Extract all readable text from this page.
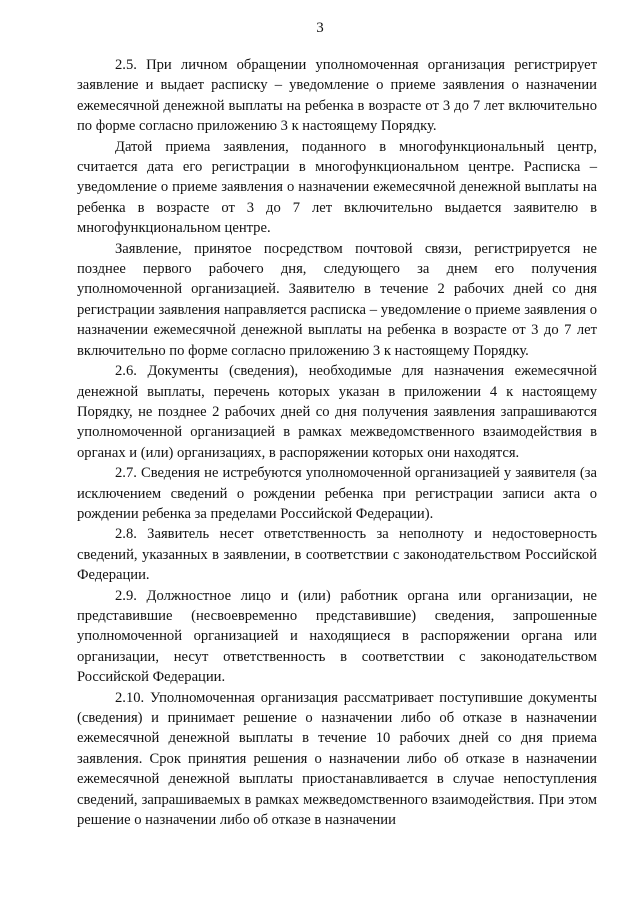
3

2.5. При личном обращении уполномоченная организация регистрирует заявление и выдает расписку – уведомление о приеме заявления о назначении ежемесячной денежной выплаты на ребенка в возрасте от 3 до 7 лет включительно по форме согласно приложению 3 к настоящему Порядку.

Датой приема заявления, поданного в многофункциональный центр, считается дата его регистрации в многофункциональном центре. Расписка – уведомление о приеме заявления о назначении ежемесячной денежной выплаты на ребенка в возрасте от 3 до 7 лет включительно выдается заявителю в многофункциональном центре.

Заявление, принятое посредством почтовой связи, регистрируется не позднее первого рабочего дня, следующего за днем его получения уполномоченной организацией. Заявителю в течение 2 рабочих дней со дня регистрации заявления направляется расписка – уведомление о приеме заявления о назначении ежемесячной денежной выплаты на ребенка в возрасте от 3 до 7 лет включительно по форме согласно приложению 3 к настоящему Порядку.

2.6. Документы (сведения), необходимые для назначения ежемесячной денежной выплаты, перечень которых указан в приложении 4 к настоящему Порядку, не позднее 2 рабочих дней со дня получения заявления запрашиваются уполномоченной организацией в рамках межведомственного взаимодействия в органах и (или) организациях, в распоряжении которых они находятся.

2.7. Сведения не истребуются уполномоченной организацией у заявителя (за исключением сведений о рождении ребенка при регистрации записи акта о рождении ребенка за пределами Российской Федерации).

2.8. Заявитель несет ответственность за неполноту и недостоверность сведений, указанных в заявлении, в соответствии с законодательством Российской Федерации.

2.9. Должностное лицо и (или) работник органа или организации, не представившие (несвоевременно представившие) сведения, запрошенные уполномоченной организацией и находящиеся в распоряжении органа или организации, несут ответственность в соответствии с законодательством Российской Федерации.

2.10. Уполномоченная организация рассматривает поступившие документы (сведения) и принимает решение о назначении либо об отказе в назначении ежемесячной денежной выплаты в течение 10 рабочих дней со дня приема заявления. Срок принятия решения о назначении либо об отказе в назначении ежемесячной денежной выплаты приостанавливается в случае непоступления сведений, запрашиваемых в рамках межведомственного взаимодействия. При этом решение о назначении либо об отказе в назначении
